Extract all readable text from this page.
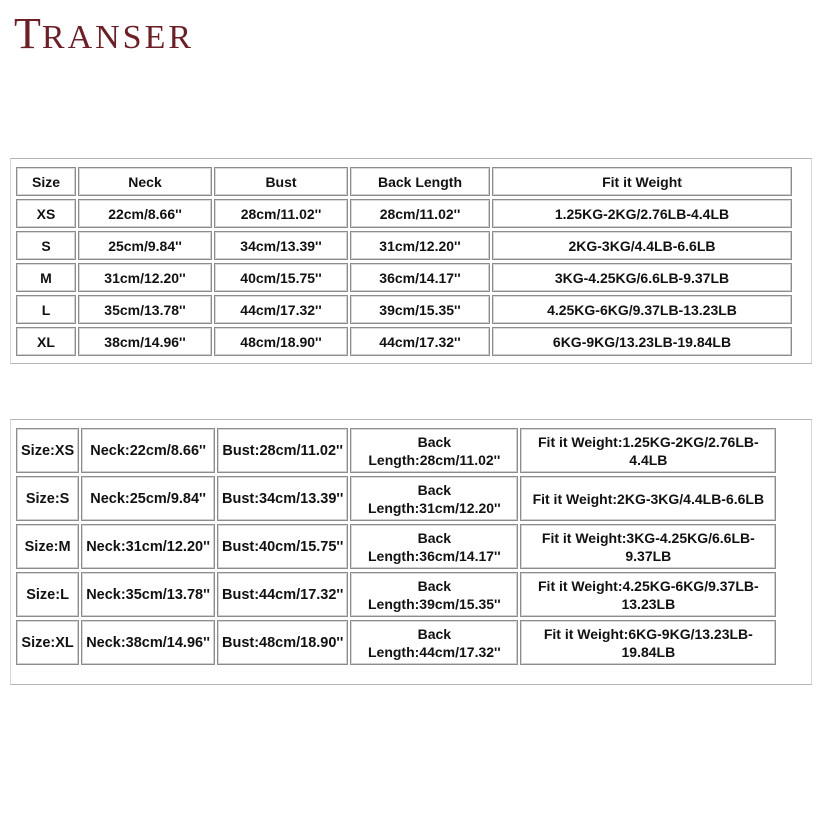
TRANSER
Size	Neck	Bust	Back Length	Fit it Weight
XS	22cm/8.66''	28cm/11.02''	28cm/11.02''	1.25KG-2KG/2.76LB-4.4LB
S	25cm/9.84''	34cm/13.39''	31cm/12.20''	2KG-3KG/4.4LB-6.6LB
M	31cm/12.20''	40cm/15.75''	36cm/14.17''	3KG-4.25KG/6.6LB-9.37LB
L	35cm/13.78''	44cm/17.32''	39cm/15.35''	4.25KG-6KG/9.37LB-13.23LB
XL	38cm/14.96''	48cm/18.90''	44cm/17.32''	6KG-9KG/13.23LB-19.84LB
Size:XS	Neck:22cm/8.66''	Bust:28cm/11.02''	Back
Length:28cm/11.02''	Fit it Weight:1.25KG-2KG/2.76LB-4.4LB
Size:S	Neck:25cm/9.84''	Bust:34cm/13.39''	Back
Length:31cm/12.20''	Fit it Weight:2KG-3KG/4.4LB-6.6LB
Size:M	Neck:31cm/12.20''	Bust:40cm/15.75''	Back
Length:36cm/14.17''	Fit it Weight:3KG-4.25KG/6.6LB-9.37LB
Size:L	Neck:35cm/13.78''	Bust:44cm/17.32''	Back
Length:39cm/15.35''	Fit it Weight:4.25KG-6KG/9.37LB-13.23LB
Size:XL	Neck:38cm/14.96''	Bust:48cm/18.90''	Back
Length:44cm/17.32''	Fit it Weight:6KG-9KG/13.23LB-19.84LB
